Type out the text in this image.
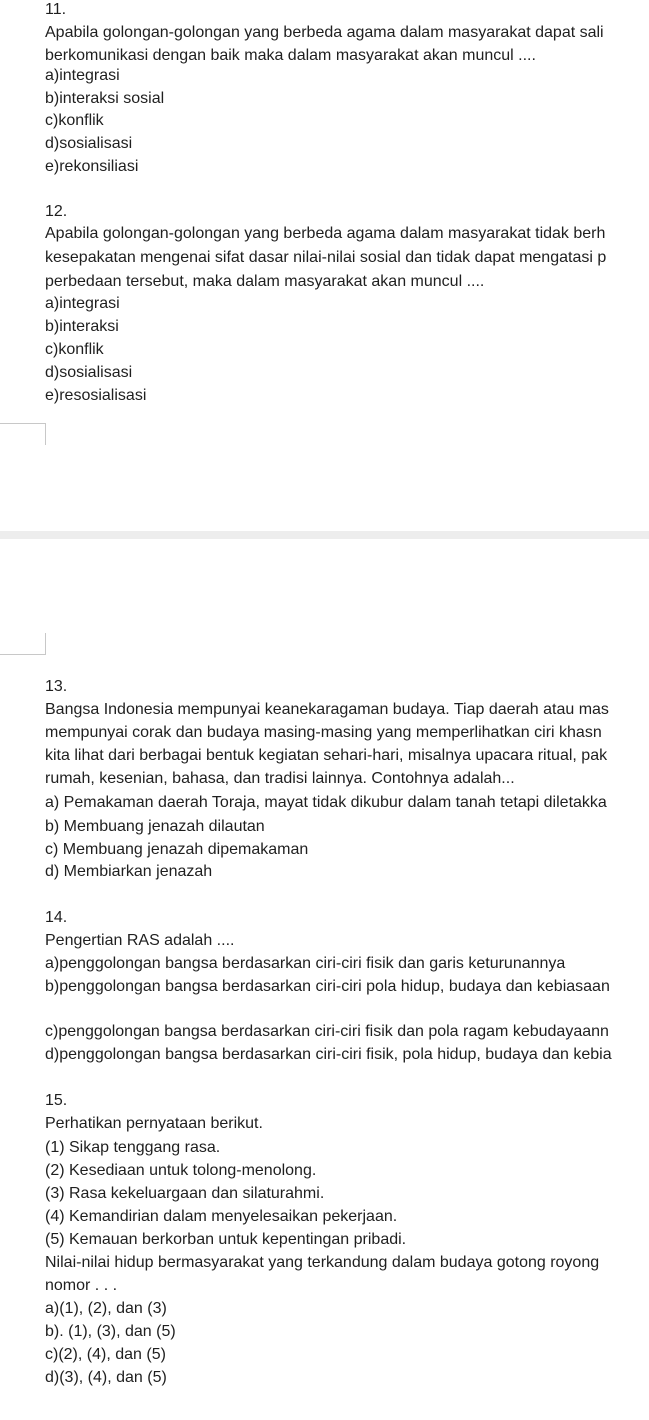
11.
Apabila golongan-golongan yang berbeda agama dalam masyarakat dapat sali
berkomunikasi dengan baik maka dalam masyarakat akan muncul ....
a)integrasi
b)interaksi sosial
c)konflik
d)sosialisasi
e)rekonsiliasi
12.
Apabila golongan-golongan yang berbeda agama dalam masyarakat tidak berh
kesepakatan mengenai sifat dasar nilai-nilai sosial dan tidak dapat mengatasi p
perbedaan tersebut, maka dalam masyarakat akan muncul ....
a)integrasi
b)interaksi
c)konflik
d)sosialisasi
e)resosialisasi
13.
Bangsa Indonesia mempunyai keanekaragaman budaya. Tiap daerah atau mas
mempunyai corak dan budaya masing-masing yang memperlihatkan ciri khasn
kita lihat dari berbagai bentuk kegiatan sehari-hari, misalnya upacara ritual, pak
rumah, kesenian, bahasa, dan tradisi lainnya. Contohnya adalah...
a) Pemakaman daerah Toraja, mayat tidak dikubur dalam tanah tetapi diletakka
b) Membuang jenazah dilautan
c) Membuang jenazah dipemakaman
d) Membiarkan jenazah
14.
Pengertian RAS adalah ....
a)penggolongan bangsa berdasarkan ciri-ciri fisik dan garis keturunannya
b)penggolongan bangsa berdasarkan ciri-ciri pola hidup, budaya dan kebiasaan
c)penggolongan bangsa berdasarkan ciri-ciri fisik dan pola ragam kebudayaann
d)penggolongan bangsa berdasarkan ciri-ciri fisik, pola hidup, budaya dan kebia
15.
Perhatikan pernyataan berikut.
(1) Sikap tenggang rasa.
(2) Kesediaan untuk tolong-menolong.
(3) Rasa kekeluargaan dan silaturahmi.
(4) Kemandirian dalam menyelesaikan pekerjaan.
(5) Kemauan berkorban untuk kepentingan pribadi.
Nilai-nilai hidup bermasyarakat yang terkandung dalam budaya gotong royong
nomor . . .
a)(1), (2), dan (3)
b). (1), (3), dan (5)
c)(2), (4), dan (5)
d)(3), (4), dan (5)
